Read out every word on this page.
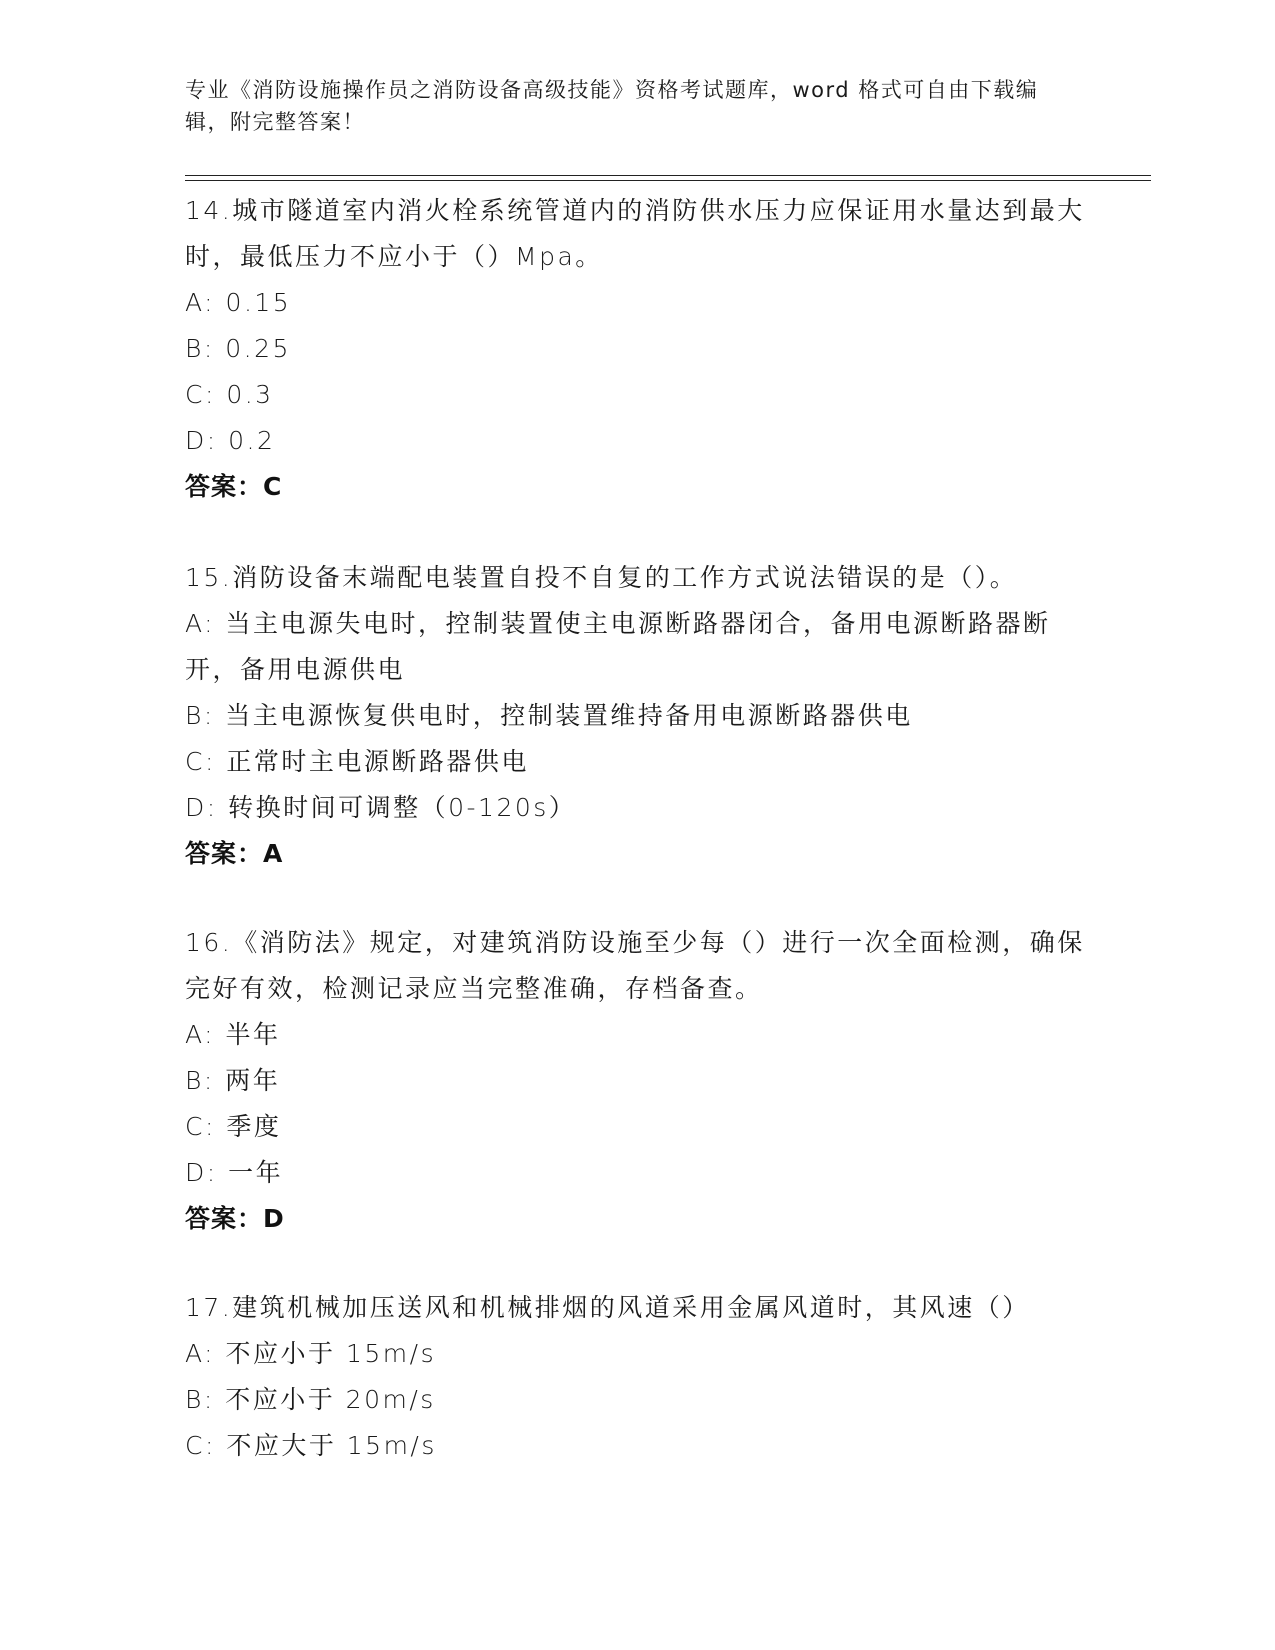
专业《消防设施操作员之消防设备高级技能》资格考试题库，word 格式可自由下载编辑，附完整答案！

14.城市隧道室内消火栓系统管道内的消防供水压力应保证用水量达到最大时，最低压力不应小于（）Mpa。

A: 0.15

B: 0.25

C: 0.3

D: 0.2

答案：C

15.消防设备末端配电装置自投不自复的工作方式说法错误的是（）。

A: 当主电源失电时，控制装置使主电源断路器闭合，备用电源断路器断开，备用电源供电

B: 当主电源恢复供电时，控制装置维持备用电源断路器供电

C: 正常时主电源断路器供电

D: 转换时间可调整（0-120s）

答案：A

16.《消防法》规定，对建筑消防设施至少每（）进行一次全面检测，确保完好有效，检测记录应当完整准确，存档备查。

A: 半年

B: 两年

C: 季度

D: 一年

答案：D

17.建筑机械加压送风和机械排烟的风道采用金属风道时，其风速（）

A: 不应小于 15m/s

B: 不应小于 20m/s

C: 不应大于 15m/s
